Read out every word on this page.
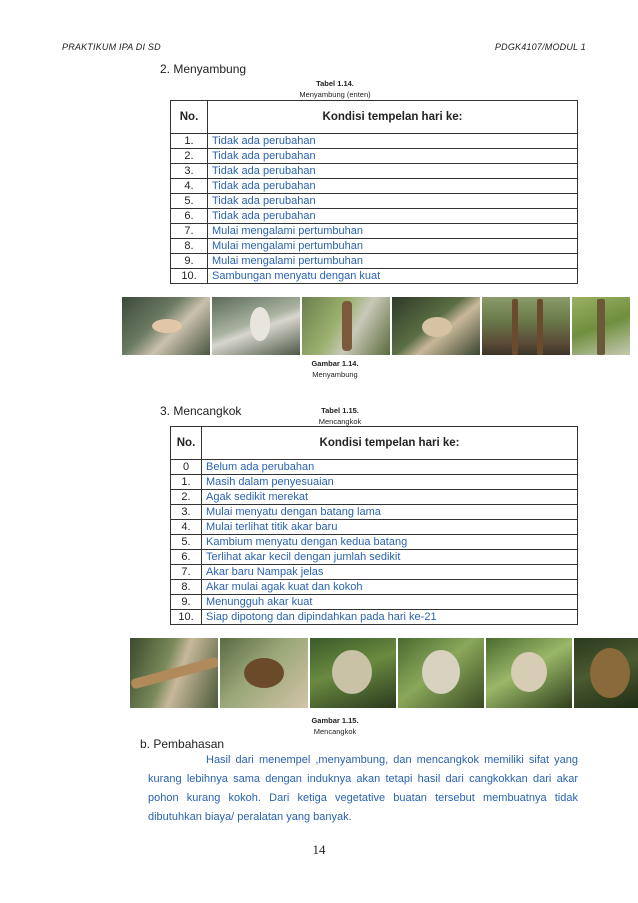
PRAKTIKUM IPA DI SD	PDGK4107/MODUL 1
2. Menyambung
Tabel 1.14.
Menyambung (enten)
No.	Kondisi tempelan hari ke:
1.	Tidak ada perubahan
2.	Tidak ada perubahan
3.	Tidak ada perubahan
4.	Tidak ada perubahan
5.	Tidak ada perubahan
6.	Tidak ada perubahan
7.	Mulai mengalami pertumbuhan
8.	Mulai mengalami pertumbuhan
9.	Mulai mengalami pertumbuhan
10.	Sambungan menyatu dengan kuat
Gambar 1.14.
Menyambung
3. Mencangkok	Tabel 1.15.
Mencangkok
No.	Kondisi tempelan hari ke:
0	Belum ada perubahan
1.	Masih dalam penyesuaian
2.	Agak sedikit merekat
3.	Mulai menyatu dengan batang lama
4.	Mulai terlihat titik akar baru
5.	Kambium menyatu dengan kedua batang
6.	Terlihat akar kecil dengan jumlah sedikit
7.	Akar baru Nampak jelas
8.	Akar mulai agak kuat dan kokoh
9.	Menungguh akar kuat
10.	Siap dipotong dan dipindahkan pada hari ke-21
Gambar 1.15.
Mencangkok
b. Pembahasan
Hasil dari menempel ,menyambung, dan mencangkok memiliki sifat yang kurang lebihnya sama dengan induknya akan tetapi hasil dari cangkokkan dari akar pohon kurang kokoh. Dari ketiga vegetative buatan tersebut membuatnya tidak dibutuhkan biaya/ peralatan yang banyak.
14
